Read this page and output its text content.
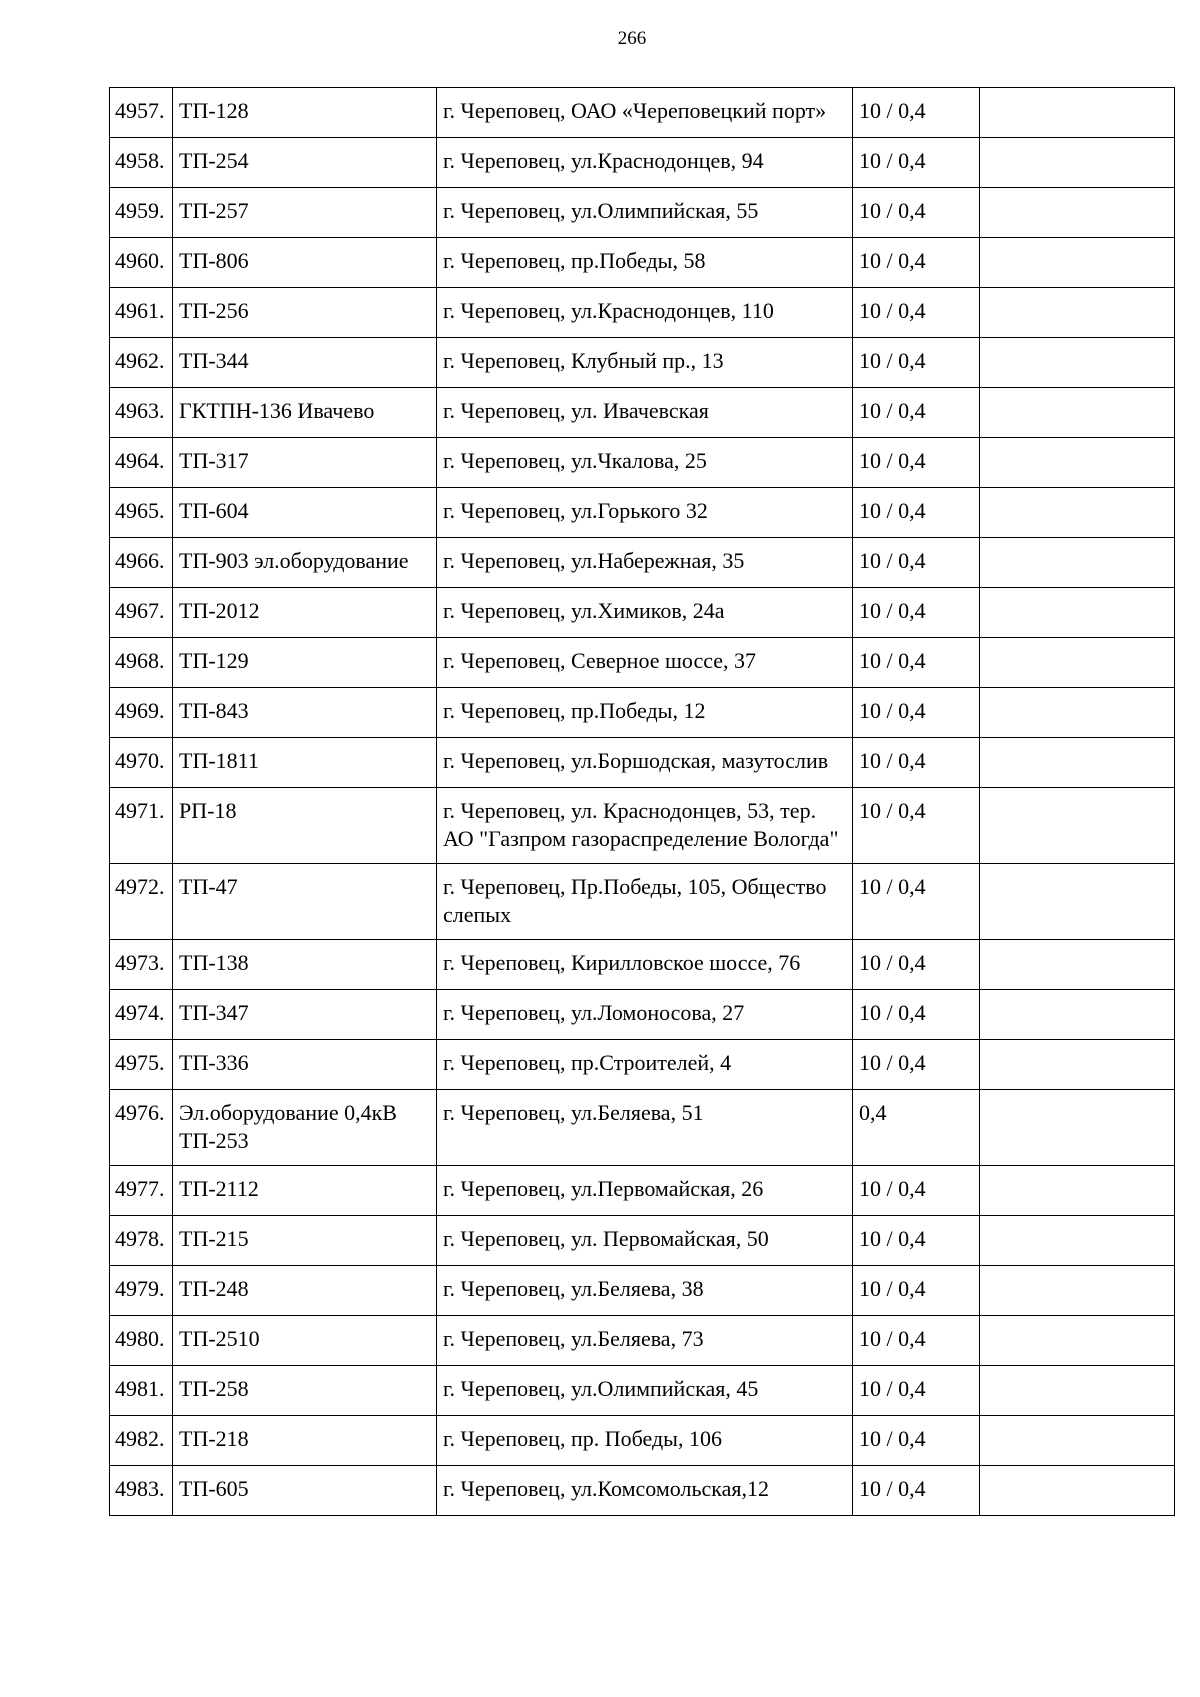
266
4957.	ТП-128	г. Череповец, ОАО «Череповецкий порт»	10 / 0,4	
4958.	ТП-254	г. Череповец, ул.Краснодонцев, 94	10 / 0,4	
4959.	ТП-257	г. Череповец, ул.Олимпийская, 55	10 / 0,4	
4960.	ТП-806	г. Череповец, пр.Победы, 58	10 / 0,4	
4961.	ТП-256	г. Череповец, ул.Краснодонцев, 110	10 / 0,4	
4962.	ТП-344	г. Череповец, Клубный пр., 13	10 / 0,4	
4963.	ГКТПН-136 Ивачево	г. Череповец, ул. Ивачевская	10 / 0,4	
4964.	ТП-317	г. Череповец, ул.Чкалова, 25	10 / 0,4	
4965.	ТП-604	г. Череповец, ул.Горького 32	10 / 0,4	
4966.	ТП-903 эл.оборудование	г. Череповец, ул.Набережная, 35	10 / 0,4	
4967.	ТП-2012	г. Череповец, ул.Химиков, 24а	10 / 0,4	
4968.	ТП-129	г. Череповец, Северное шоссе, 37	10 / 0,4	
4969.	ТП-843	г. Череповец, пр.Победы, 12	10 / 0,4	
4970.	ТП-1811	г. Череповец, ул.Боршодская, мазутослив	10 / 0,4	
4971.	РП-18	г. Череповец, ул. Краснодонцев, 53, тер. АО "Газпром газораспределение Вологда"	10 / 0,4	
4972.	ТП-47	г. Череповец, Пр.Победы, 105, Общество слепых	10 / 0,4	
4973.	ТП-138	г. Череповец, Кирилловское шоссе, 76	10 / 0,4	
4974.	ТП-347	г. Череповец, ул.Ломоносова, 27	10 / 0,4	
4975.	ТП-336	г. Череповец, пр.Строителей, 4	10 / 0,4	
4976.	Эл.оборудование 0,4кВ ТП-253	г. Череповец, ул.Беляева, 51	0,4	
4977.	ТП-2112	г. Череповец, ул.Первомайская, 26	10 / 0,4	
4978.	ТП-215	г. Череповец, ул. Первомайская, 50	10 / 0,4	
4979.	ТП-248	г. Череповец, ул.Беляева, 38	10 / 0,4	
4980.	ТП-2510	г. Череповец, ул.Беляева, 73	10 / 0,4	
4981.	ТП-258	г. Череповец, ул.Олимпийская, 45	10 / 0,4	
4982.	ТП-218	г. Череповец, пр. Победы, 106	10 / 0,4	
4983.	ТП-605	г. Череповец, ул.Комсомольская,12	10 / 0,4	
